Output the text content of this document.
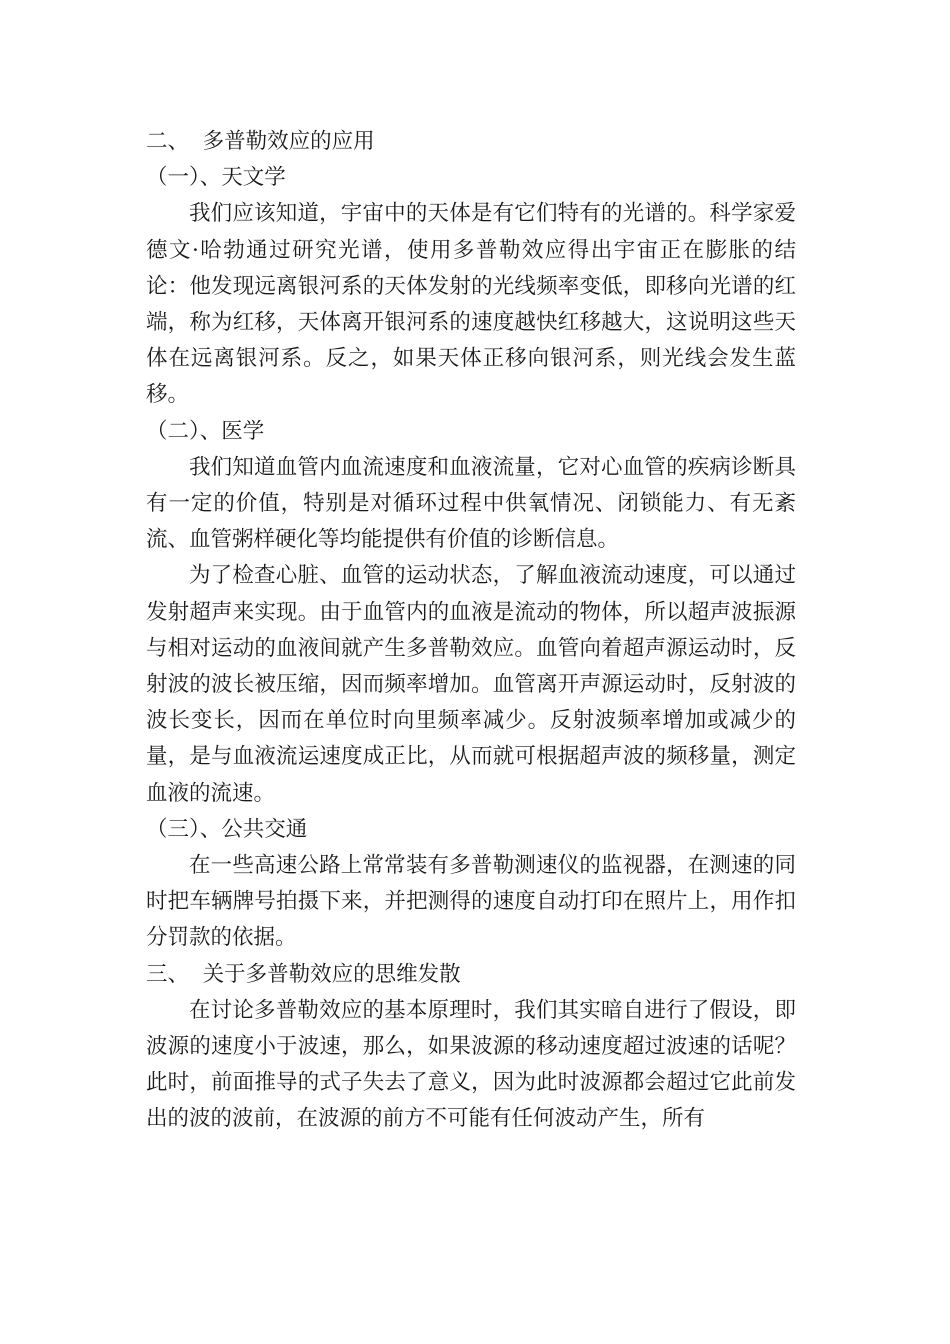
二、  多普勒效应的应用

（一）、天文学

我们应该知道，宇宙中的天体是有它们特有的光谱的。科学家爱德文·哈勃通过研究光谱，使用多普勒效应得出宇宙正在膨胀的结论：他发现远离银河系的天体发射的光线频率变低，即移向光谱的红端，称为红移，天体离开银河系的速度越快红移越大，这说明这些天体在远离银河系。反之，如果天体正移向银河系，则光线会发生蓝移。

（二）、医学

我们知道血管内血流速度和血液流量，它对心血管的疾病诊断具有一定的价值，特别是对循环过程中供氧情况、闭锁能力、有无紊流、血管粥样硬化等均能提供有价值的诊断信息。

为了检查心脏、血管的运动状态，了解血液流动速度，可以通过发射超声来实现。由于血管内的血液是流动的物体，所以超声波振源与相对运动的血液间就产生多普勒效应。血管向着超声源运动时，反射波的波长被压缩，因而频率增加。血管离开声源运动时，反射波的波长变长，因而在单位时向里频率减少。反射波频率增加或减少的量，是与血液流运速度成正比，从而就可根据超声波的频移量，测定血液的流速。

（三）、公共交通

在一些高速公路上常常装有多普勒测速仪的监视器，在测速的同时把车辆牌号拍摄下来，并把测得的速度自动打印在照片上，用作扣分罚款的依据。

三、  关于多普勒效应的思维发散

在讨论多普勒效应的基本原理时，我们其实暗自进行了假设，即波源的速度小于波速，那么，如果波源的移动速度超过波速的话呢？此时，前面推导的式子失去了意义，因为此时波源都会超过它此前发出的波的波前，在波源的前方不可能有任何波动产生，所有
